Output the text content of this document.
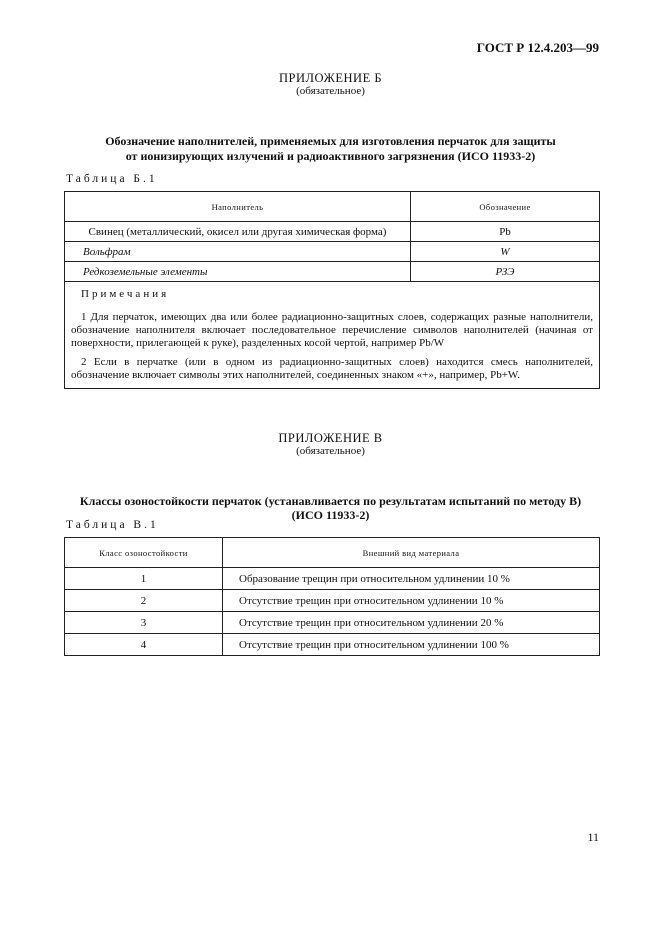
ГОСТ Р 12.4.203—99
ПРИЛОЖЕНИЕ Б
(обязательное)
Обозначение наполнителей, применяемых для изготовления перчаток для защиты
от ионизирующих излучений и радиоактивного загрязнения (ИСО 11933-2)
Таблица Б.1
Наполнитель	Обозначение
Свинец (металлический, окисел или другая химическая форма)	Pb
Вольфрам	W
Редкоземельные элементы	РЗЭ

Примечания

1 Для перчаток, имеющих два или более радиационно-защитных слоев, содержащих разные наполнители, обозначение наполнителя включает последовательное перечисление символов наполнителей (начиная от поверхности, прилегающей к руке), разделенных косой чертой, например Pb/W

2 Если в перчатке (или в одном из радиационно-защитных слоев) находится смесь наполнителей, обозначение включает символы этих наполнителей, соединенных знаком «+», например, Pb+W.	

ПРИЛОЖЕНИЕ В
(обязательное)
Классы озоностойкости перчаток (устанавливается по результатам испытаний по методу В)
(ИСО 11933-2)
Таблица В.1
Класс озоностойкости	Внешний вид материала
1	Образование трещин при относительном удлинении 10 %
2	Отсутствие трещин при относительном удлинении 10 %
3	Отсутствие трещин при относительном удлинении 20 %
4	Отсутствие трещин при относительном удлинении 100 %
11
